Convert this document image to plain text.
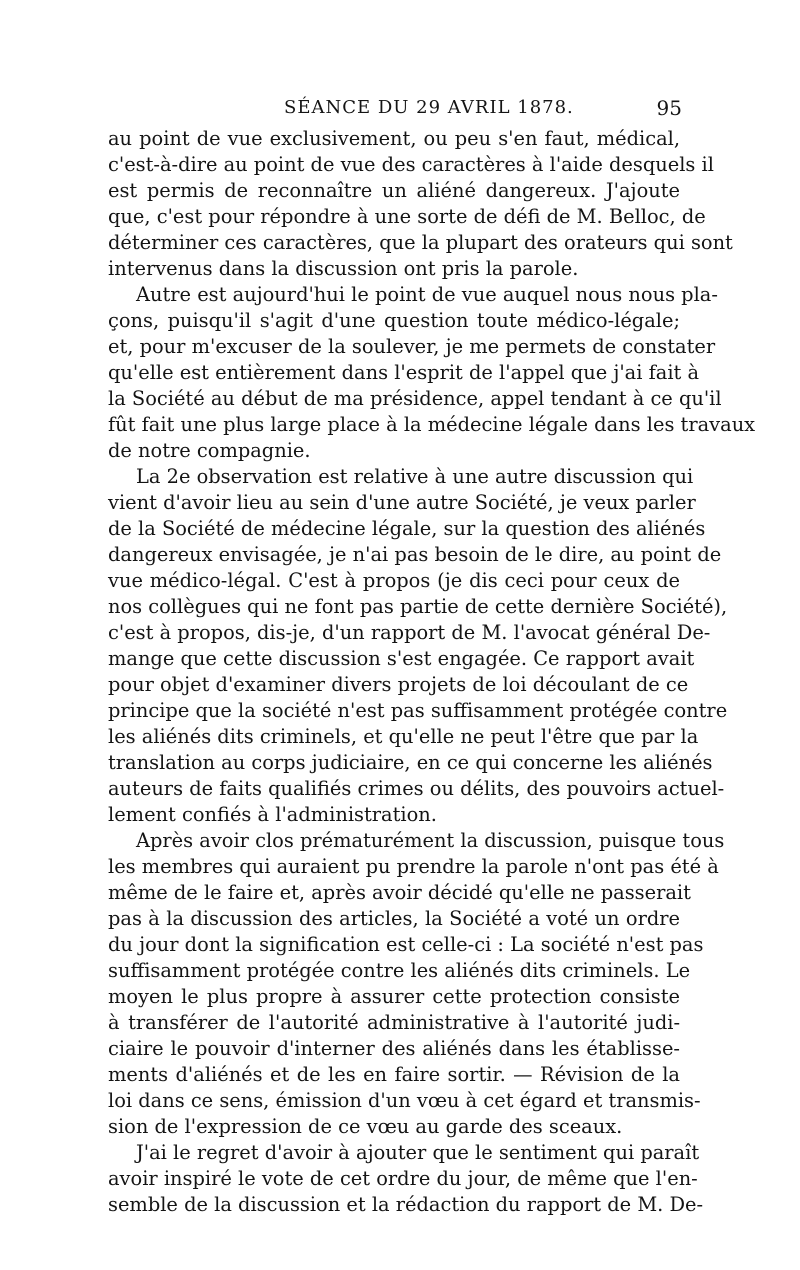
SÉANCE DU 29 AVRIL 1878.	95
au point de vue exclusivement, ou peu s'en faut, médical,
c'est-à-dire au point de vue des caractères à l'aide desquels il
est permis de reconnaître un aliéné dangereux. J'ajoute
que, c'est pour répondre à une sorte de défi de M. Belloc, de
déterminer ces caractères, que la plupart des orateurs qui sont
intervenus dans la discussion ont pris la parole.
Autre est aujourd'hui le point de vue auquel nous nous pla-
çons, puisqu'il s'agit d'une question toute médico-légale;
et, pour m'excuser de la soulever, je me permets de constater
qu'elle est entièrement dans l'esprit de l'appel que j'ai fait à
la Société au début de ma présidence, appel tendant à ce qu'il
fût fait une plus large place à la médecine légale dans les travaux
de notre compagnie.
La 2e observation est relative à une autre discussion qui
vient d'avoir lieu au sein d'une autre Société, je veux parler
de la Société de médecine légale, sur la question des aliénés
dangereux envisagée, je n'ai pas besoin de le dire, au point de
vue médico-légal. C'est à propos (je dis ceci pour ceux de
nos collègues qui ne font pas partie de cette dernière Société),
c'est à propos, dis-je, d'un rapport de M. l'avocat général De-
mange que cette discussion s'est engagée. Ce rapport avait
pour objet d'examiner divers projets de loi découlant de ce
principe que la société n'est pas suffisamment protégée contre
les aliénés dits criminels, et qu'elle ne peut l'être que par la
translation au corps judiciaire, en ce qui concerne les aliénés
auteurs de faits qualifiés crimes ou délits, des pouvoirs actuel-
lement confiés à l'administration.
Après avoir clos prématurément la discussion, puisque tous
les membres qui auraient pu prendre la parole n'ont pas été à
même de le faire et, après avoir décidé qu'elle ne passerait
pas à la discussion des articles, la Société a voté un ordre
du jour dont la signification est celle-ci : La société n'est pas
suffisamment protégée contre les aliénés dits criminels. Le
moyen le plus propre à assurer cette protection consiste
à transférer de l'autorité administrative à l'autorité judi-
ciaire le pouvoir d'interner des aliénés dans les établisse-
ments d'aliénés et de les en faire sortir. — Révision de la
loi dans ce sens, émission d'un vœu à cet égard et transmis-
sion de l'expression de ce vœu au garde des sceaux.
J'ai le regret d'avoir à ajouter que le sentiment qui paraît
avoir inspiré le vote de cet ordre du jour, de même que l'en-
semble de la discussion et la rédaction du rapport de M. De-
